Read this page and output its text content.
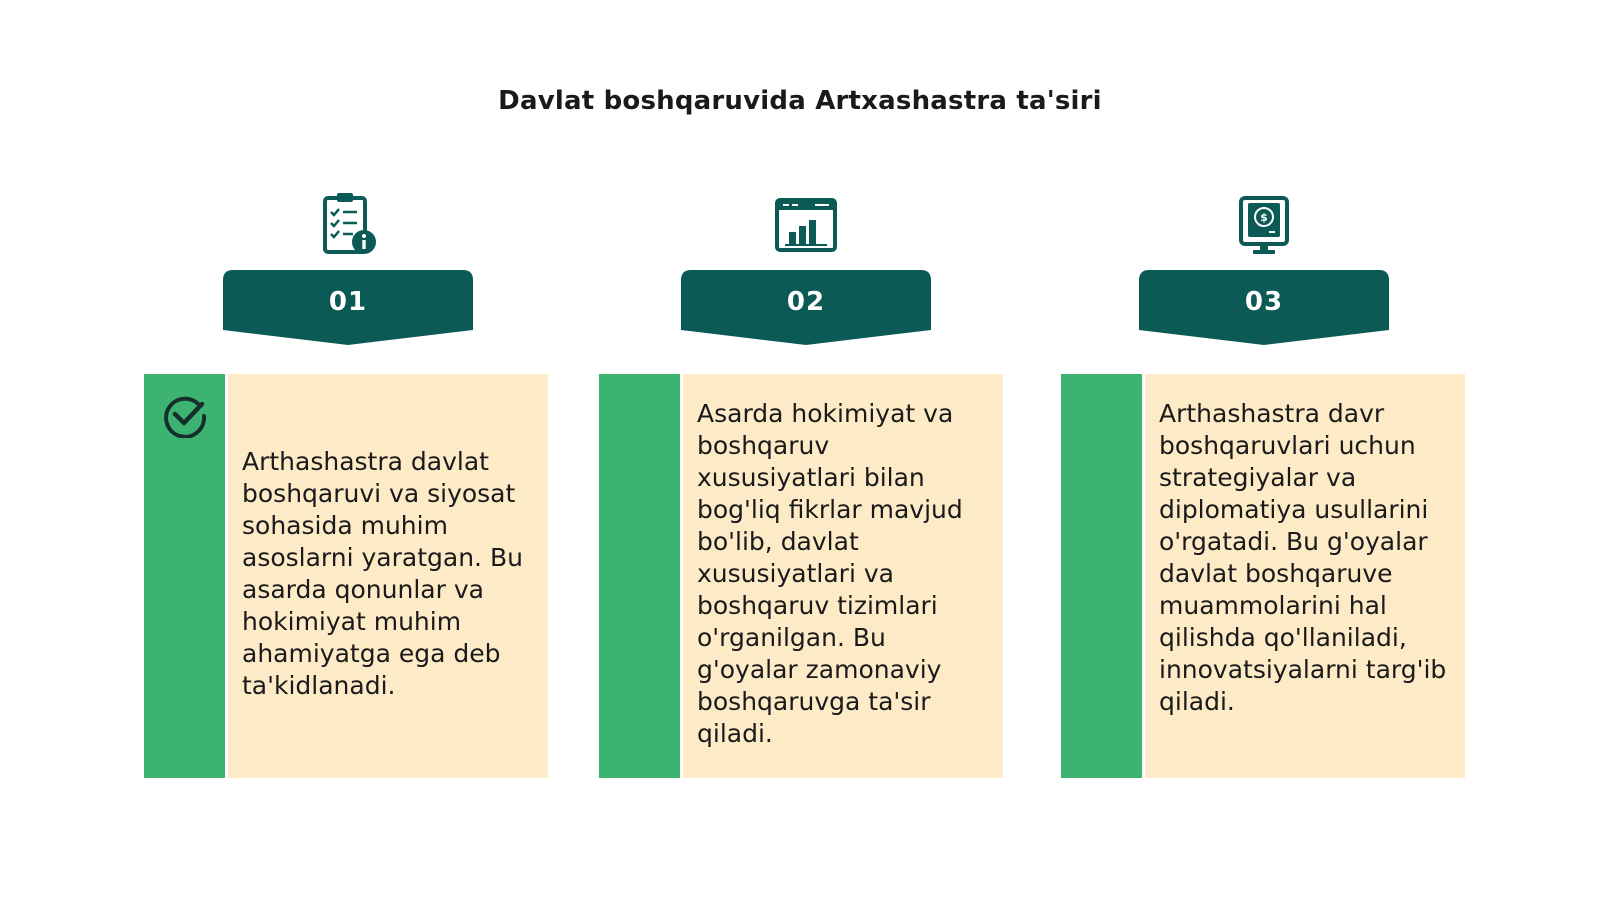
Davlat boshqaruvida Artxashastra ta'siri
01	02
$
03

Arthashastra davlat boshqaruvi va siyosat sohasida muhim asoslarni yaratgan. Bu asarda qonunlar va hokimiyat muhim ahamiyatga ega deb ta'kidlanadi.

Asarda hokimiyat va boshqaruv xususiyatlari bilan bog'liq fikrlar mavjud bo'lib, davlat xususiyatlari va boshqaruv tizimlari o'rganilgan. Bu g'oyalar zamonaviy boshqaruvga ta'sir qiladi.

Arthashastra davr boshqaruvlari uchun strategiyalar va diplomatiya usullarini o'rgatadi. Bu g'oyalar davlat boshqaruve muammolarini hal qilishda qo'llaniladi, innovatsiyalarni targ'ib qiladi.
